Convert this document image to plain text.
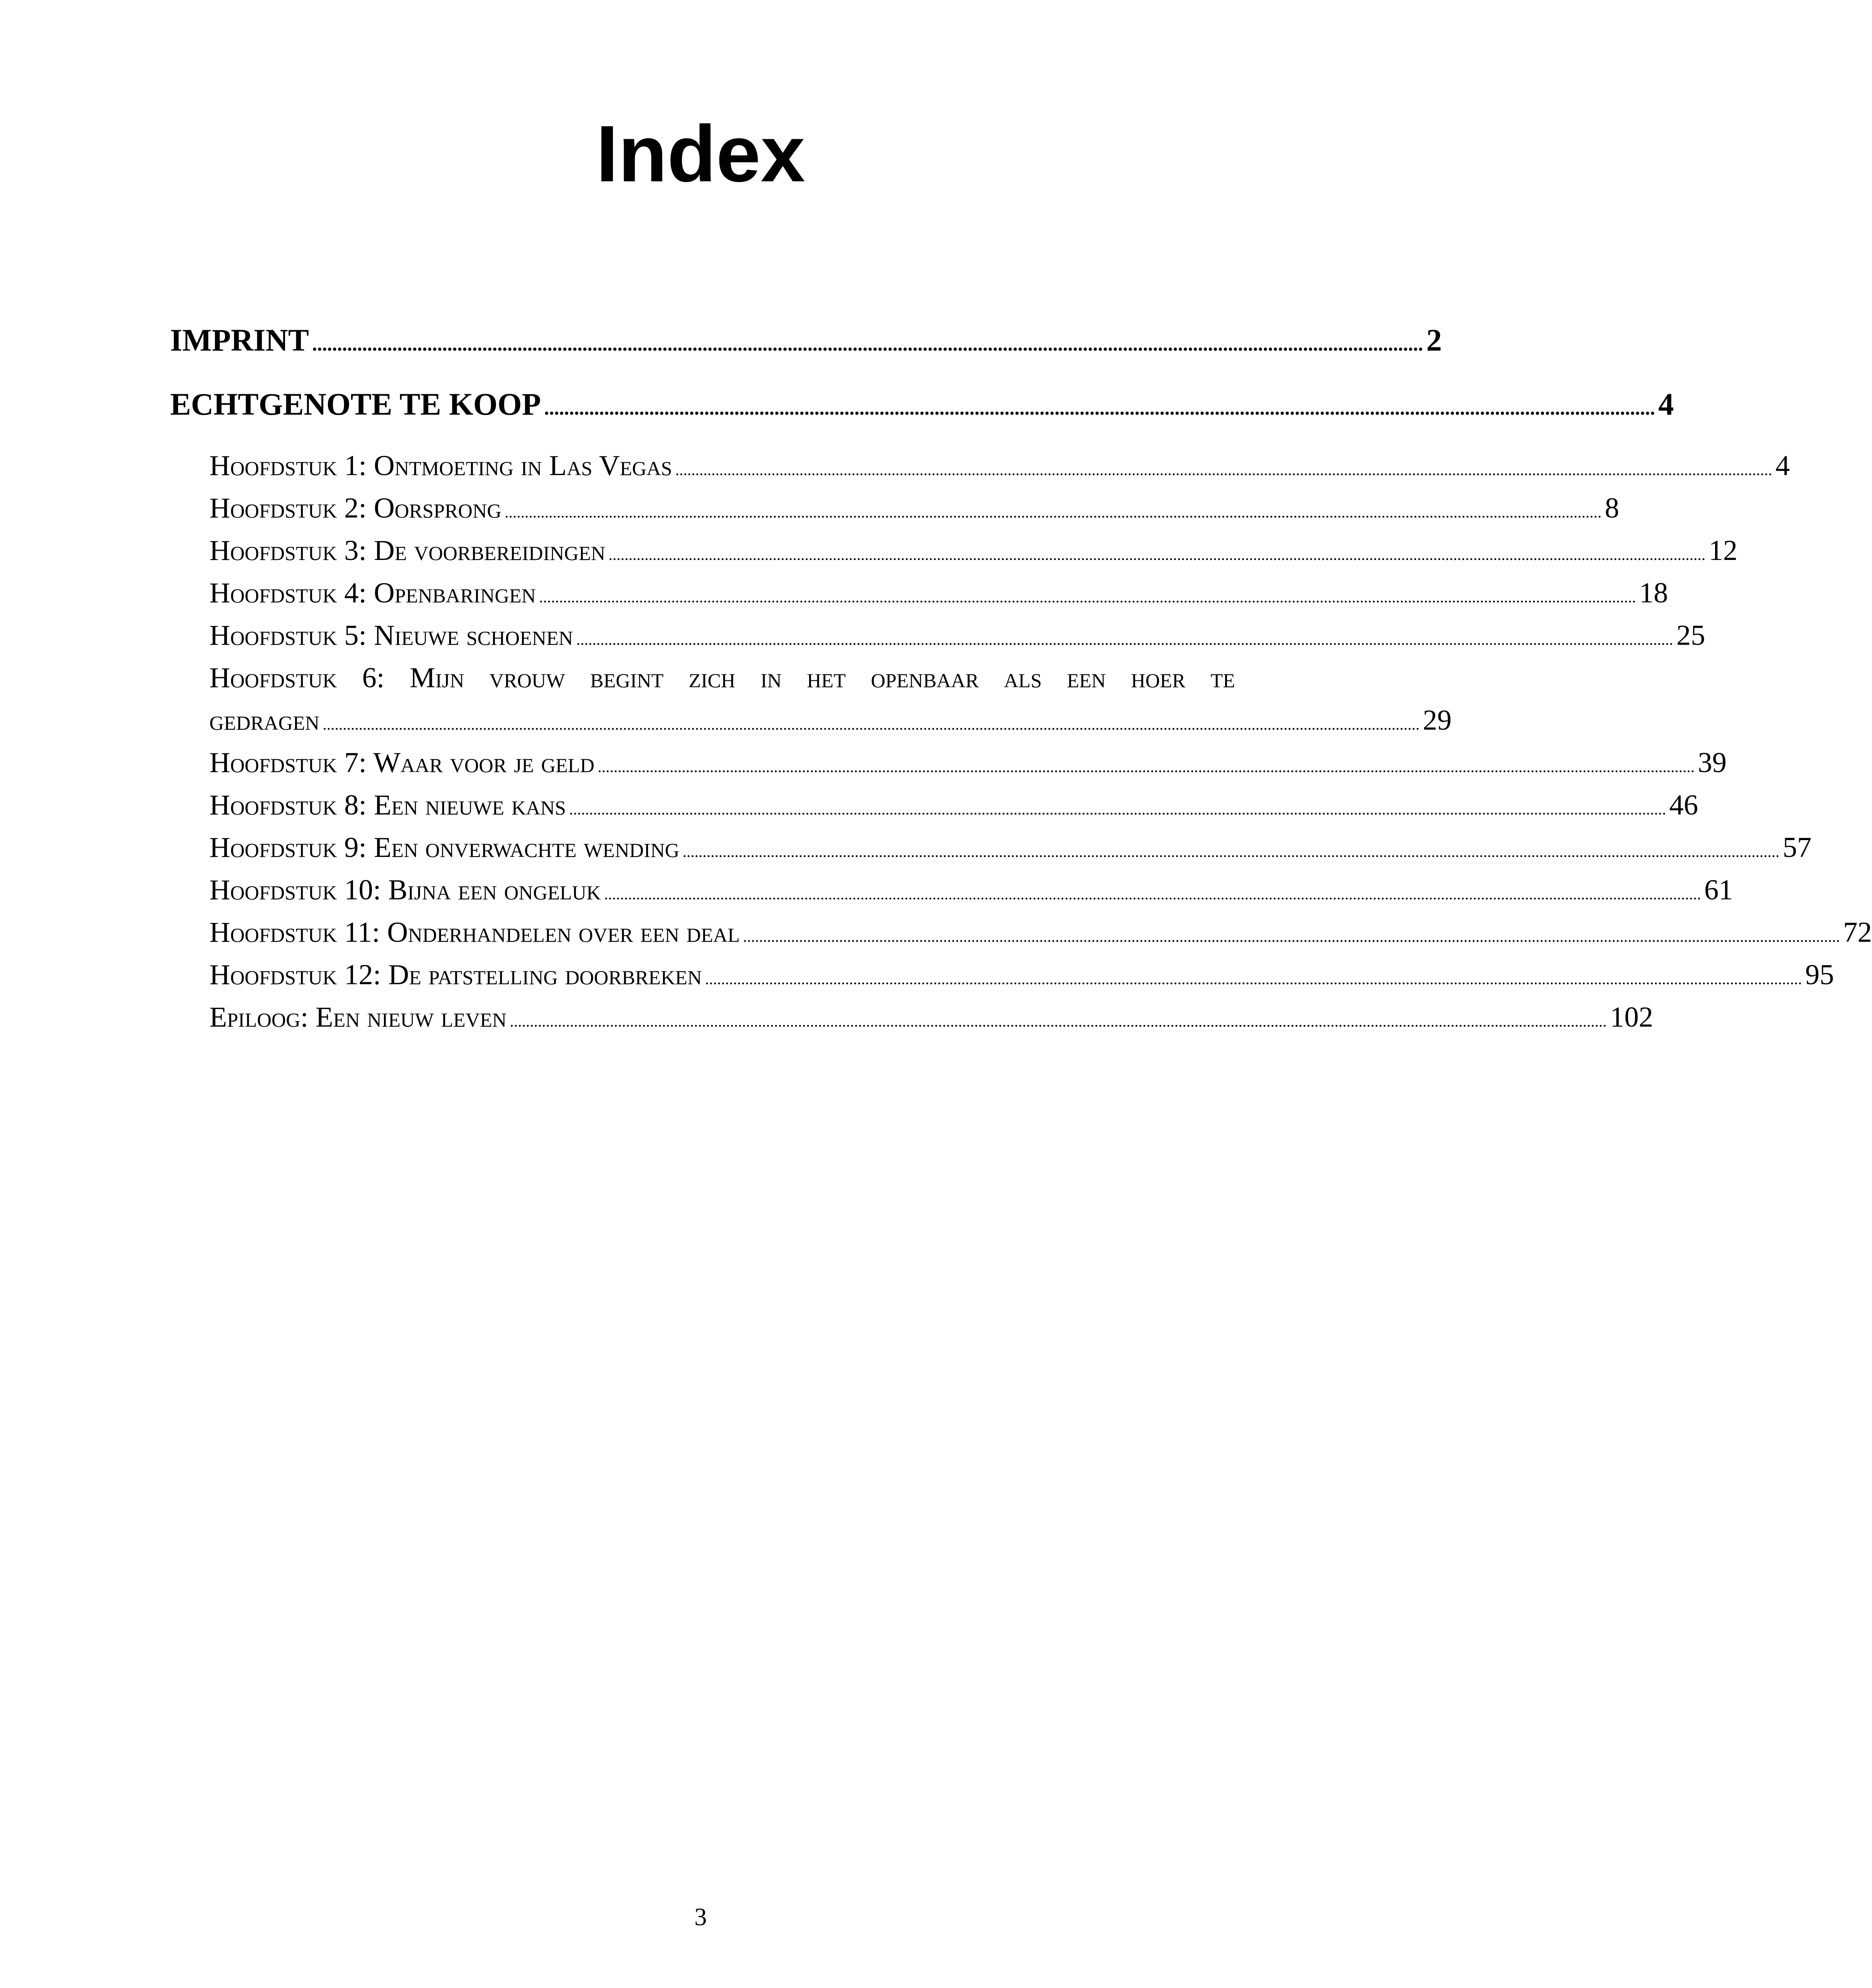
Index
IMPRINT .............................................................................................................................................................................................................................. 2
ECHTGENOTE TE KOOP .............................................................................................................................................................................................................................. 4
Hoofdstuk 1: Ontmoeting in Las Vegas .................................................................................................................................................................................................................................................................................. 4
Hoofdstuk 2: Oorsprong .................................................................................................................................................................................................................................................................................. 8
Hoofdstuk 3: De voorbereidingen .................................................................................................................................................................................................................................................................................. 12
Hoofdstuk 4: Openbaringen .................................................................................................................................................................................................................................................................................. 18
Hoofdstuk 5: Nieuwe schoenen .................................................................................................................................................................................................................................................................................. 25
Hoofdstuk 6: Mijn vrouw begint zich in het openbaar als een hoer te
gedragen .................................................................................................................................................................................................................................................................................. 29
Hoofdstuk 7: Waar voor je geld .................................................................................................................................................................................................................................................................................. 39
Hoofdstuk 8: Een nieuwe kans .................................................................................................................................................................................................................................................................................. 46
Hoofdstuk 9: Een onverwachte wending .................................................................................................................................................................................................................................................................................. 57
Hoofdstuk 10: Bijna een ongeluk .................................................................................................................................................................................................................................................................................. 61
Hoofdstuk 11: Onderhandelen over een deal .................................................................................................................................................................................................................................................................................. 72
Hoofdstuk 12: De patstelling doorbreken .................................................................................................................................................................................................................................................................................. 95
Epiloog: Een nieuw leven .................................................................................................................................................................................................................................................................................. 102
3
